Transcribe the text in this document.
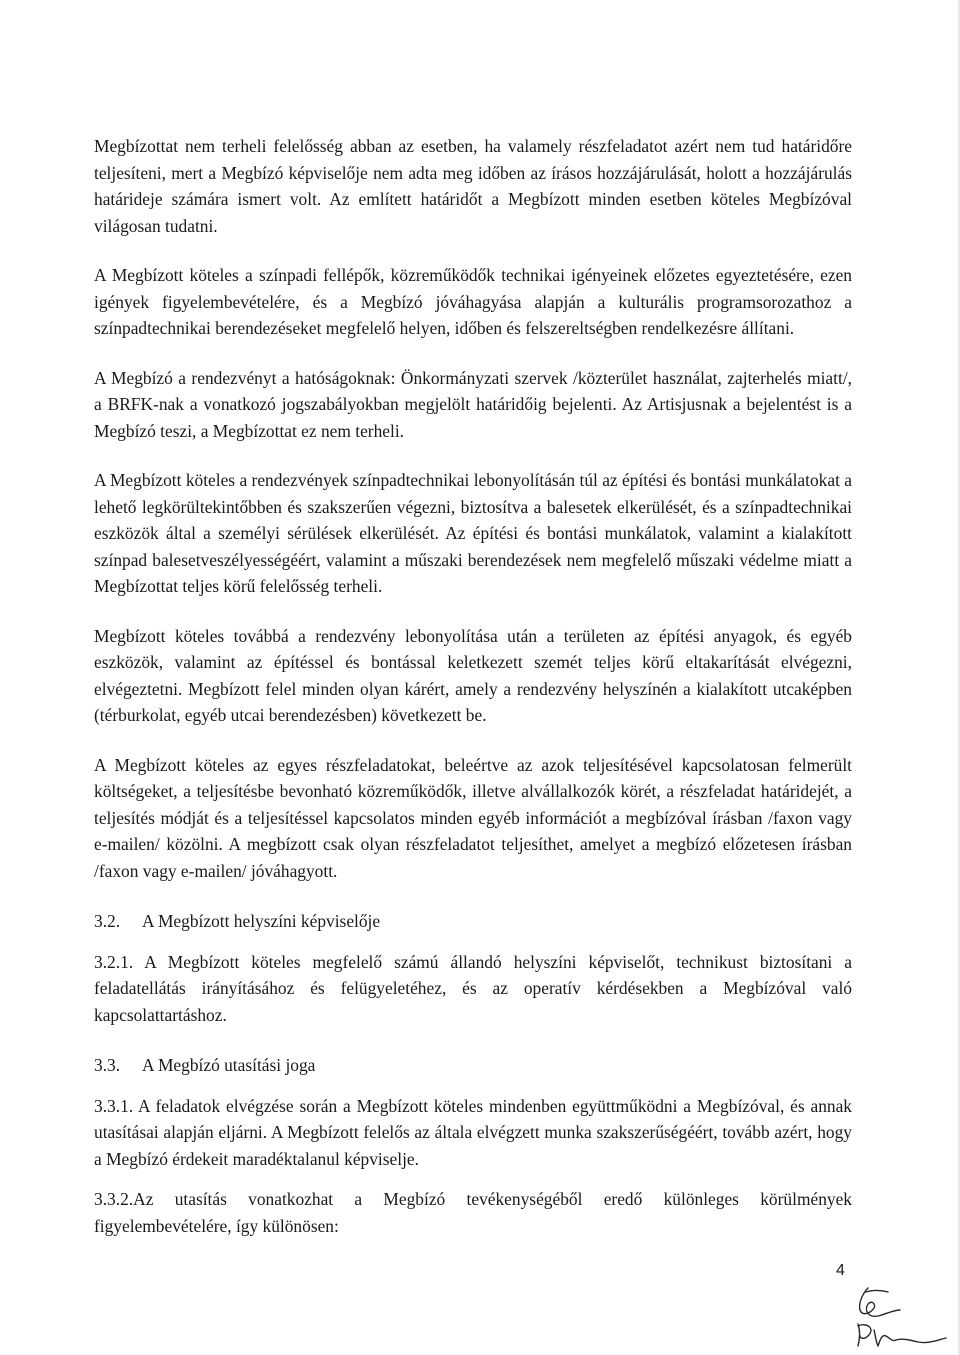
Megbízottat nem terheli felelősség abban az esetben, ha valamely részfeladatot azért nem tud határidőre teljesíteni, mert a Megbízó képviselője nem adta meg időben az írásos hozzájárulását, holott a hozzájárulás határideje számára ismert volt. Az említett határidőt a Megbízott minden esetben köteles Megbízóval világosan tudatni.

A Megbízott köteles a színpadi fellépők, közreműködők technikai igényeinek előzetes egyeztetésére, ezen igények figyelembevételére, és a Megbízó jóváhagyása alapján a kulturális programsorozathoz a színpadtechnikai berendezéseket megfelelő helyen, időben és felszereltségben rendelkezésre állítani.

A Megbízó a rendezvényt a hatóságoknak: Önkormányzati szervek /közterület használat, zajterhelés miatt/, a BRFK-nak a vonatkozó jogszabályokban megjelölt határidőig bejelenti. Az Artisjusnak a bejelentést is a Megbízó teszi, a Megbízottat ez nem terheli.

A Megbízott köteles a rendezvények színpadtechnikai lebonyolításán túl az építési és bontási munkálatokat a lehető legkörültekintőbben és szakszerűen végezni, biztosítva a balesetek elkerülését, és a színpadtechnikai eszközök által a személyi sérülések elkerülését. Az építési és bontási munkálatok, valamint a kialakított színpad balesetveszélyességéért, valamint a műszaki berendezések nem megfelelő műszaki védelme miatt a Megbízottat teljes körű felelősség terheli.

Megbízott köteles továbbá a rendezvény lebonyolítása után a területen az építési anyagok, és egyéb eszközök, valamint az építéssel és bontással keletkezett szemét teljes körű eltakarítását elvégezni, elvégeztetni. Megbízott felel minden olyan kárért, amely a rendezvény helyszínén a kialakított utcaképben (térburkolat, egyéb utcai berendezésben) következett be.

A Megbízott köteles az egyes részfeladatokat, beleértve az azok teljesítésével kapcsolatosan felmerült költségeket, a teljesítésbe bevonható közreműködők, illetve alvállalkozók körét, a részfeladat határidejét, a teljesítés módját és a teljesítéssel kapcsolatos minden egyéb információt a megbízóval írásban /faxon vagy e-mailen/ közölni. A megbízott csak olyan részfeladatot teljesíthet, amelyet a megbízó előzetesen írásban /faxon vagy e-mailen/ jóváhagyott.

3.2.	A Megbízott helyszíni képviselője

3.2.1. A Megbízott köteles megfelelő számú állandó helyszíni képviselőt, technikust biztosítani a feladatellátás irányításához és felügyeletéhez, és az operatív kérdésekben a Megbízóval való kapcsolattartáshoz.

3.3.	A Megbízó utasítási joga

3.3.1. A feladatok elvégzése során a Megbízott köteles mindenben együttműködni a Megbízóval, és annak utasításai alapján eljárni. A Megbízott felelős az általa elvégzett munka szakszerűségéért, tovább azért, hogy a Megbízó érdekeit maradéktalanul képviselje.

3.3.2.Az utasítás vonatkozhat a Megbízó tevékenységéből eredő különleges körülmények figyelembevételére, így különösen:

4
